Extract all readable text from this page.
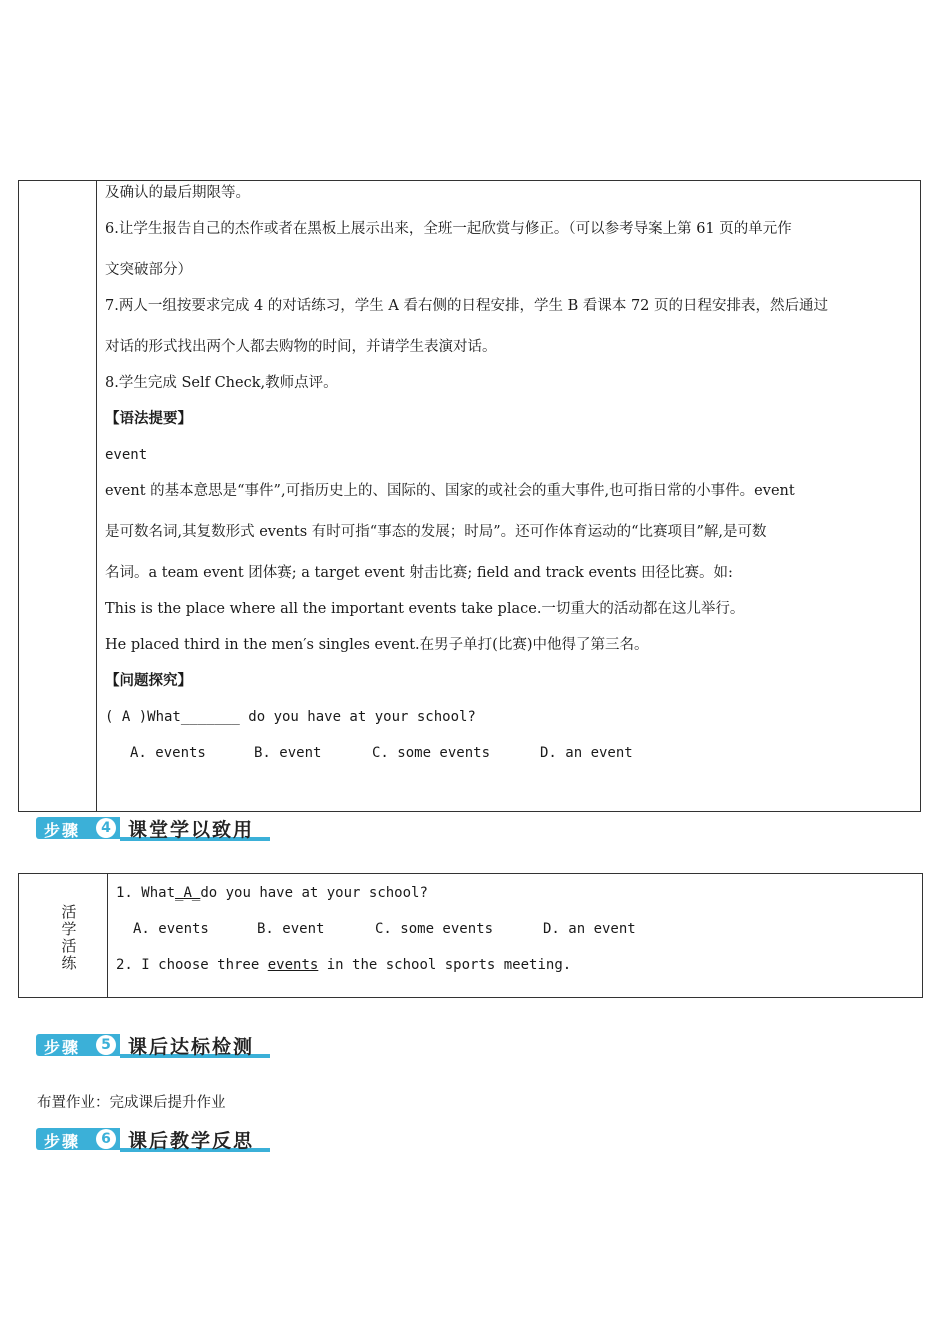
及确认的最后期限等。
6.让学生报告自己的杰作或者在黑板上展示出来，全班一起欣赏与修正。（可以参考导案上第 61 页的单元作
文突破部分）
7.两人一组按要求完成 4 的对话练习，学生 A 看右侧的日程安排，学生 B 看课本 72 页的日程安排表，然后通过
对话的形式找出两个人都去购物的时间，并请学生表演对话。
8.学生完成 Self Check,教师点评。
【语法提要】
event
event 的基本意思是“事件”,可指历史上的、国际的、国家的或社会的重大事件,也可指日常的小事件。event
是可数名词,其复数形式 events 有时可指“事态的发展；时局”。还可作体育运动的“比赛项目”解,是可数
名词。a team event 团体赛; a target event 射击比赛; field and track events 田径比赛。如:
This is the place where all the important events take place.一切重大的活动都在这儿举行。
He placed third in the men′s singles event.在男子单打(比赛)中他得了第三名。
【问题探究】
( A )What_______ do you have at your school?
A. events	B. event	C. some events	D. an event
步骤	4 课堂学以致用
活学活练
1. What_A_do you have at your school?
A. events	B. event	C. some events	D. an event
2. I choose three events in the school sports meeting.
步骤	5 课后达标检测
布置作业：完成课后提升作业
步骤	6 课后教学反思
